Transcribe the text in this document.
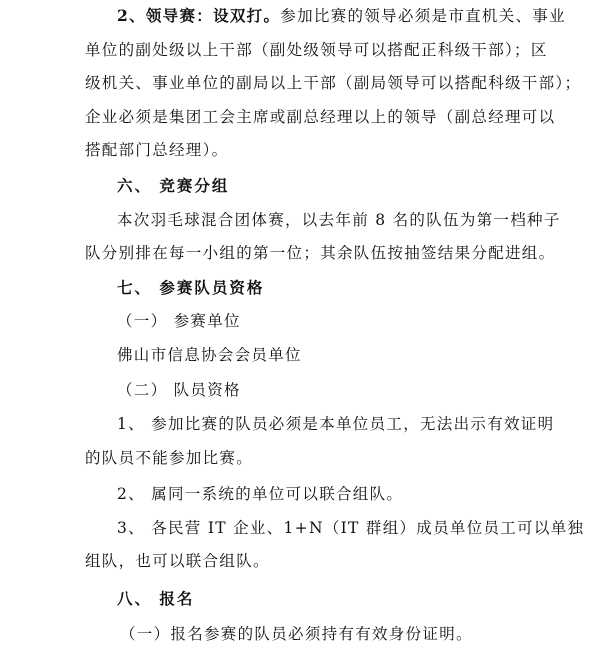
2、领导赛：设双打。参加比赛的领导必须是市直机关、事业
单位的副处级以上干部（副处级领导可以搭配正科级干部）；区
级机关、事业单位的副局以上干部（副局领导可以搭配科级干部）；
企业必须是集团工会主席或副总经理以上的领导（副总经理可以
搭配部门总经理）。
六、 竞赛分组
本次羽毛球混合团体赛，以去年前 8 名的队伍为第一档种子
队分别排在每一小组的第一位；其余队伍按抽签结果分配进组。
七、 参赛队员资格
（一） 参赛单位
佛山市信息协会会员单位
（二） 队员资格
1、 参加比赛的队员必须是本单位员工，无法出示有效证明
的队员不能参加比赛。
2、 属同一系统的单位可以联合组队。
3、 各民营 IT 企业、1+N（IT 群组）成员单位员工可以单独
组队，也可以联合组队。
八、 报名
（一）报名参赛的队员必须持有有效身份证明。
